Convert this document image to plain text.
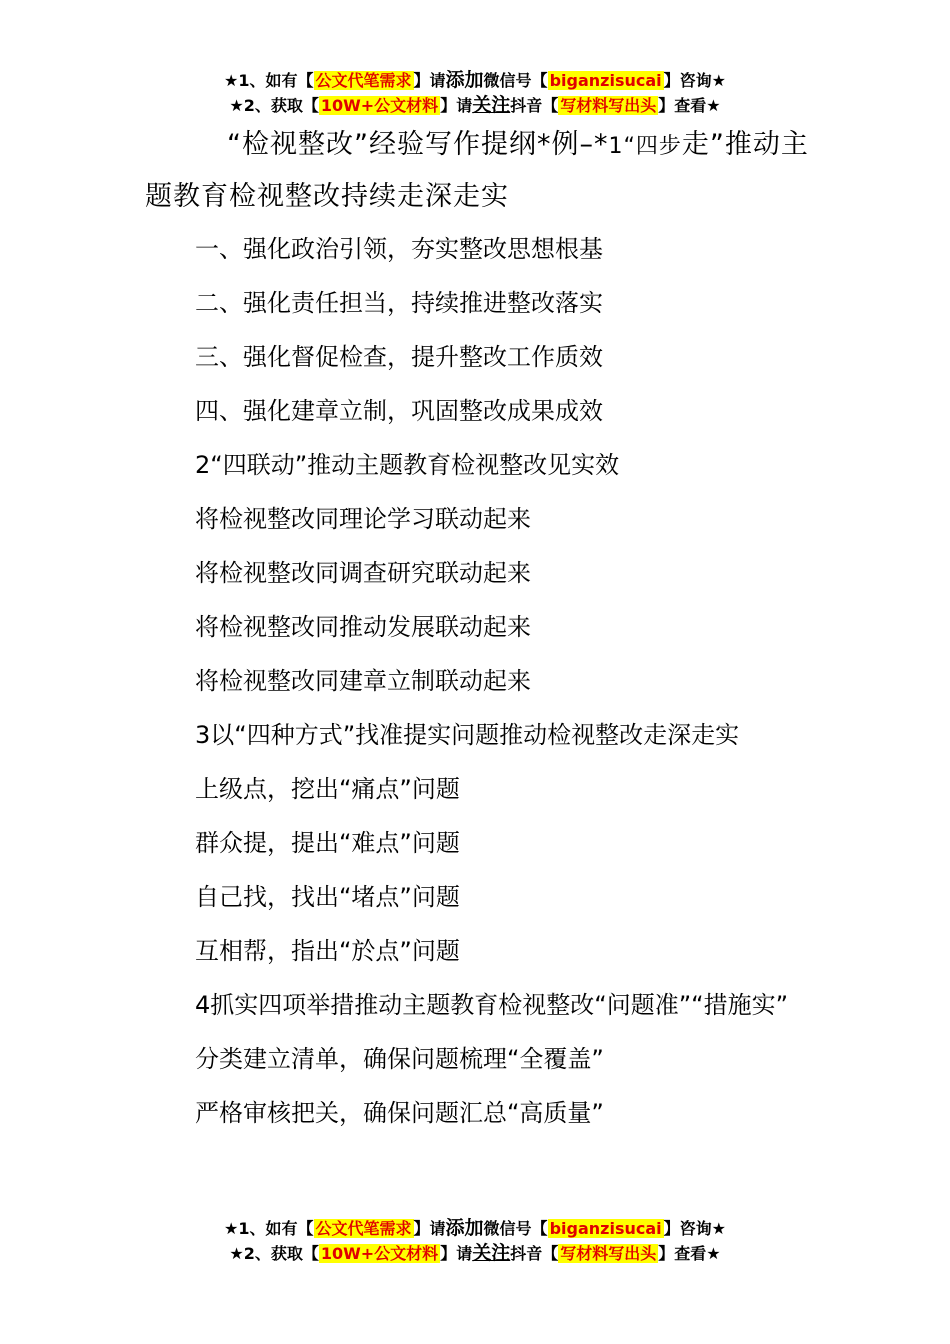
★1、如有【 公文代笔需求 】请添加微信号【 biganzisucai 】咨询★
★2、获取【 10W+公文材料 】请关注抖音【 写材料写出头 】查看★
“检视整改”经验写作提纲*例–*1“四步走”推动主题教育检视整改持续走深走实

一、强化政治引领，夯实整改思想根基

二、强化责任担当，持续推进整改落实

三、强化督促检查，提升整改工作质效

四、强化建章立制，巩固整改成果成效

2“四联动”推动主题教育检视整改见实效

将检视整改同理论学习联动起来

将检视整改同调查研究联动起来

将检视整改同推动发展联动起来

将检视整改同建章立制联动起来

3以“四种方式”找准提实问题推动检视整改走深走实

上级点，挖出“痛点”问题

群众提，提出“难点”问题

自己找，找出“堵点”问题

互相帮，指出“於点”问题

4抓实四项举措推动主题教育检视整改“问题准”“措施实”

分类建立清单，确保问题梳理“全覆盖”

严格审核把关，确保问题汇总“高质量”

★1、如有【 公文代笔需求 】请添加微信号【 biganzisucai 】咨询★
★2、获取【 10W+公文材料 】请关注抖音【 写材料写出头 】查看★
